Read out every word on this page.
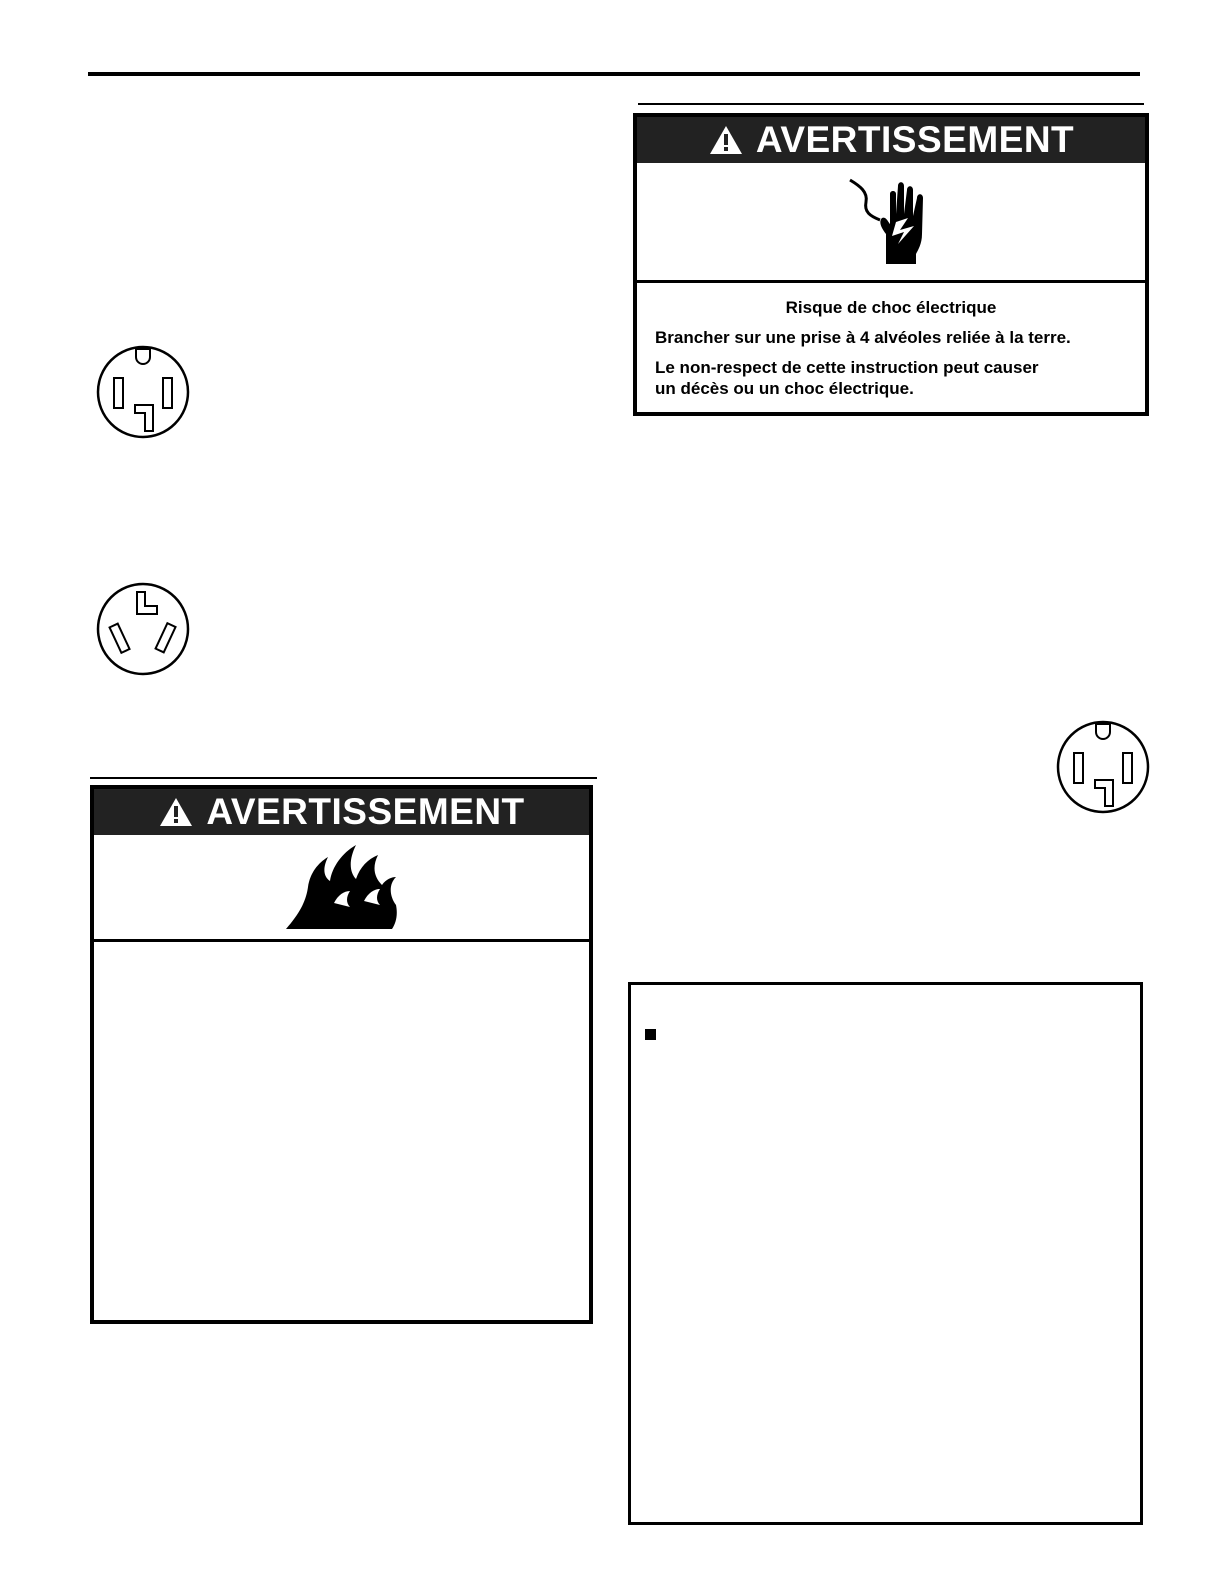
AVERTISSEMENT

Risque de choc électrique

Brancher sur une prise à 4 alvéoles reliée à la terre.

Le non-respect de cette instruction peut causer
un décès ou un choc électrique.

AVERTISSEMENT
